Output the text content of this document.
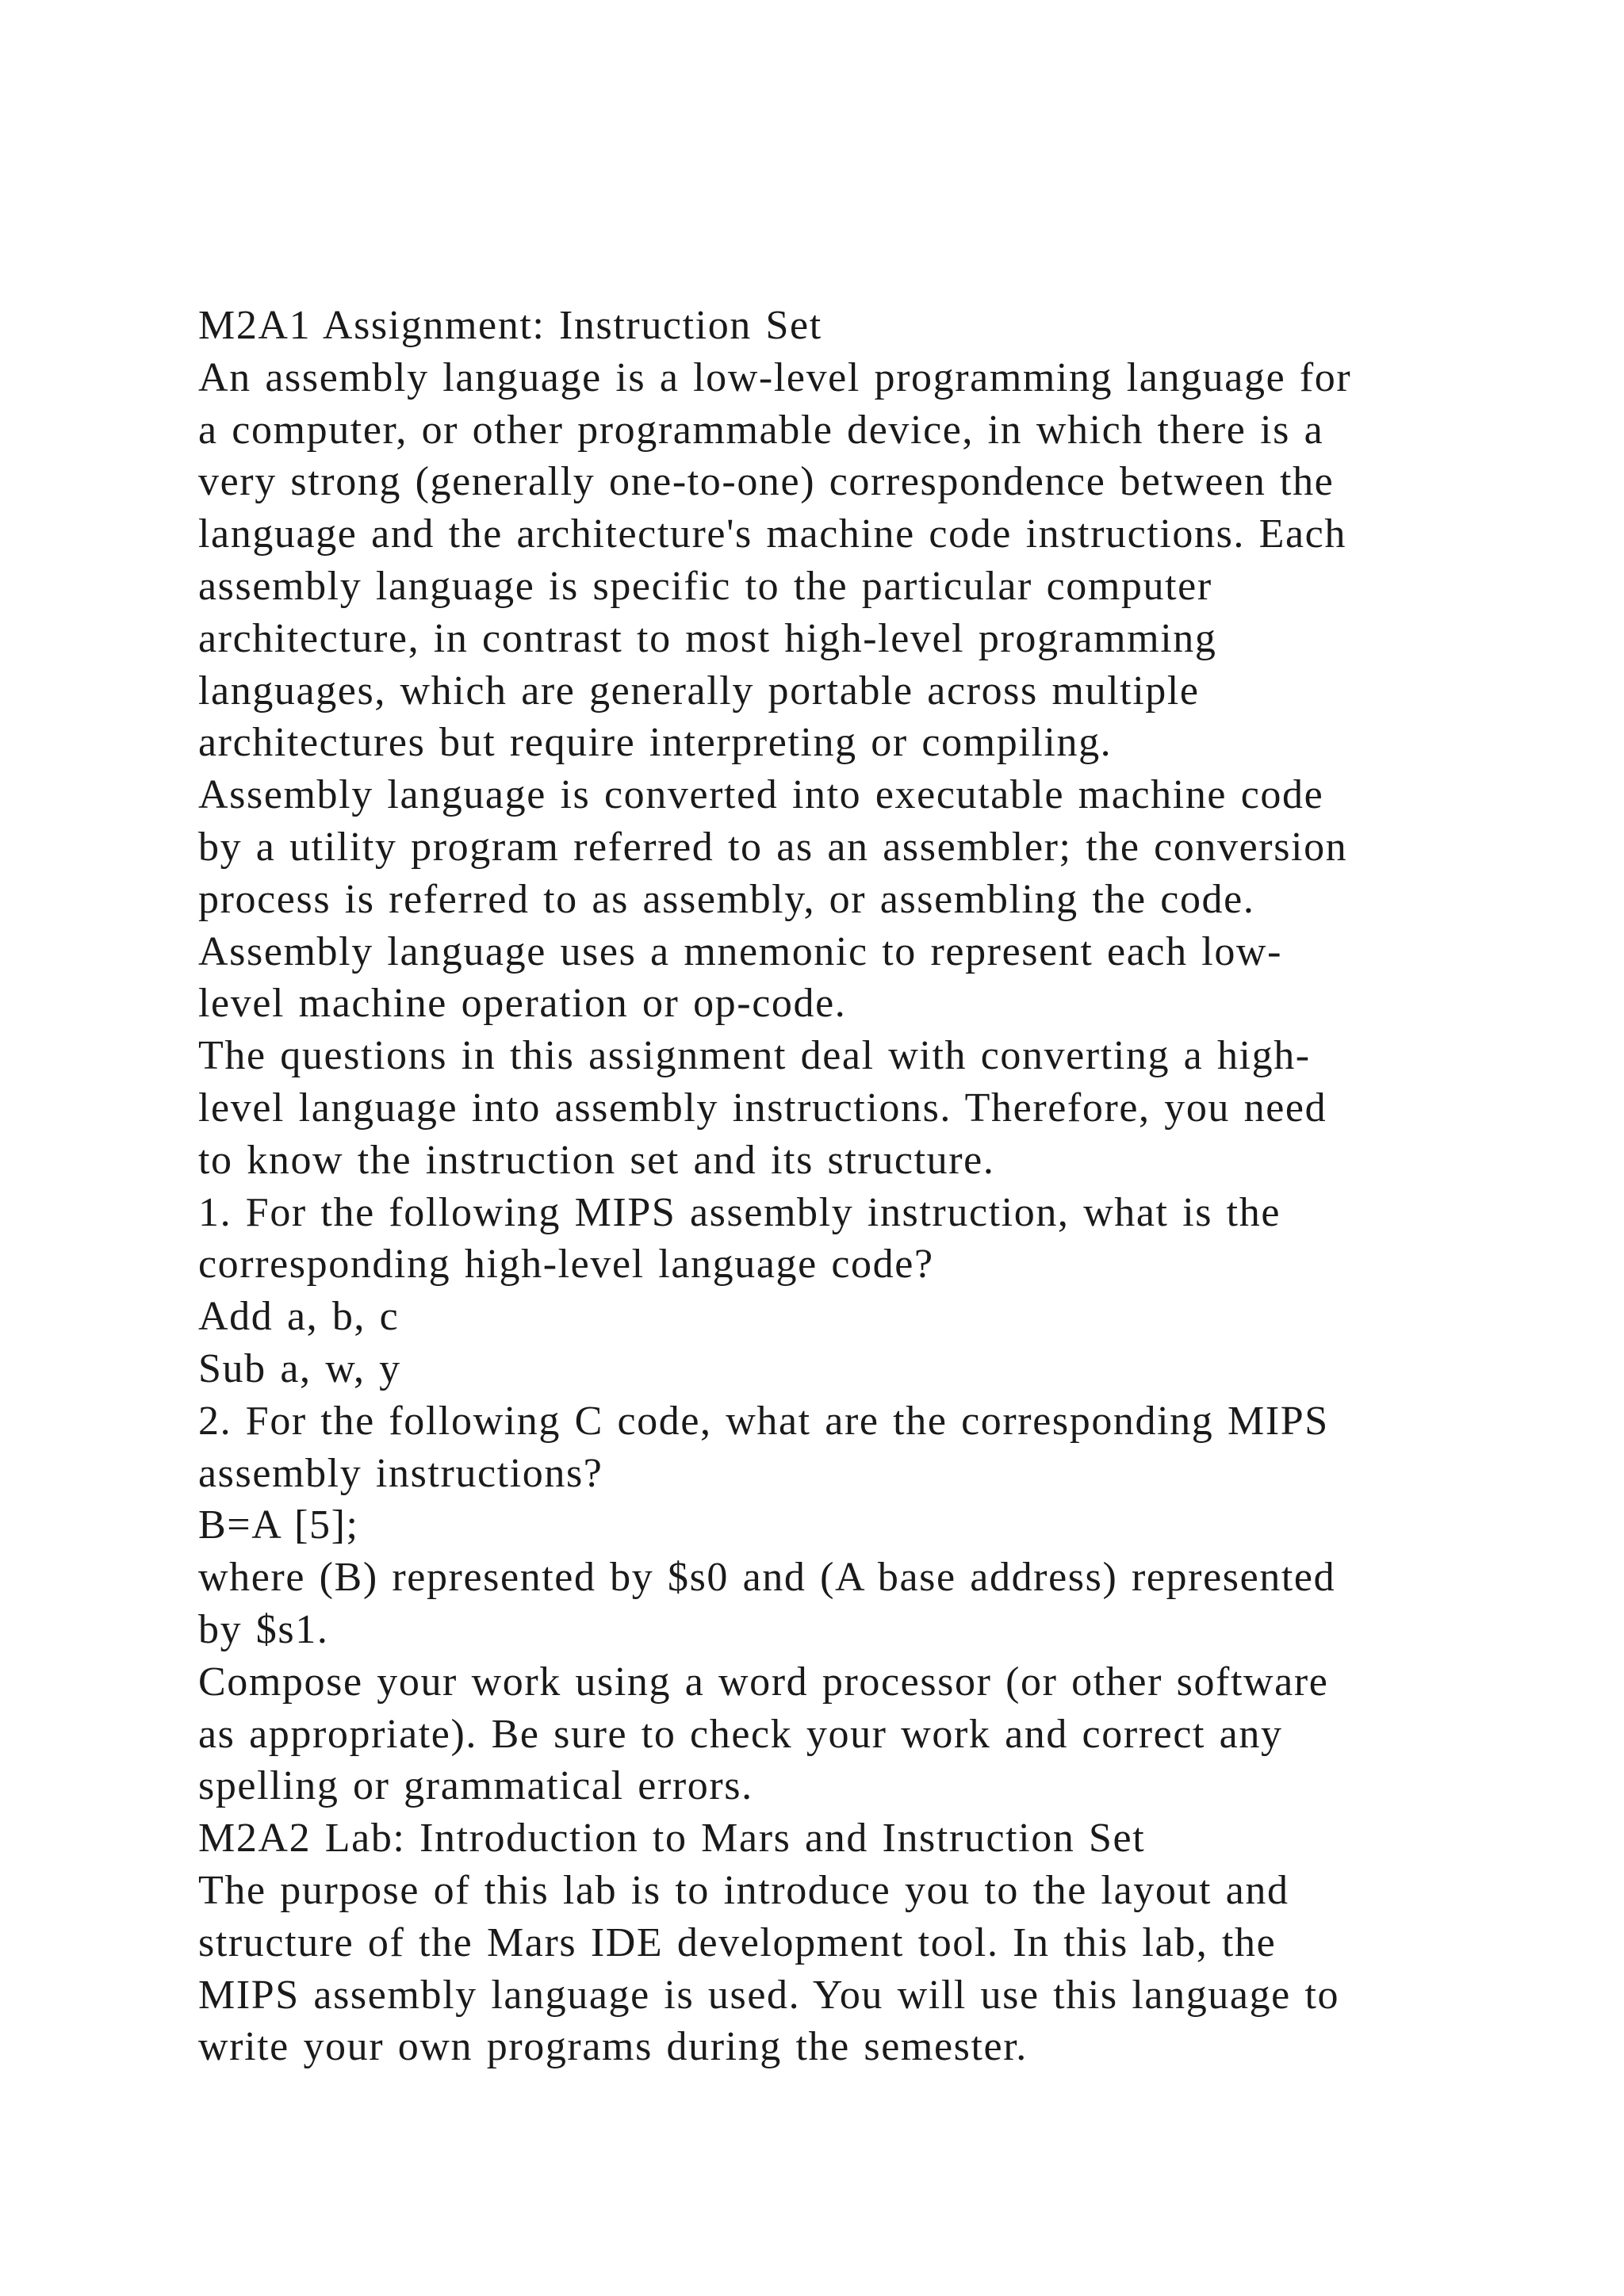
M2A1 Assignment: Instruction Set
An assembly language is a low-level programming language for
a computer, or other programmable device, in which there is a
very strong (generally one-to-one) correspondence between the
language and the architecture's machine code instructions. Each
assembly language is specific to the particular computer
architecture, in contrast to most high-level programming
languages, which are generally portable across multiple
architectures but require interpreting or compiling.
Assembly language is converted into executable machine code
by a utility program referred to as an assembler; the conversion
process is referred to as assembly, or assembling the code.
Assembly language uses a mnemonic to represent each low-
level machine operation or op-code.
The questions in this assignment deal with converting a high-
level language into assembly instructions. Therefore, you need
to know the instruction set and its structure.
1. For the following MIPS assembly instruction, what is the
corresponding high-level language code?
Add a, b, c
Sub a, w, y
2. For the following C code, what are the corresponding MIPS
assembly instructions?
B=A [5];
where (B) represented by $s0 and (A base address) represented
by $s1.
Compose your work using a word processor (or other software
as appropriate). Be sure to check your work and correct any
spelling or grammatical errors.
M2A2 Lab: Introduction to Mars and Instruction Set
The purpose of this lab is to introduce you to the layout and
structure of the Mars IDE development tool. In this lab, the
MIPS assembly language is used. You will use this language to
write your own programs during the semester.
